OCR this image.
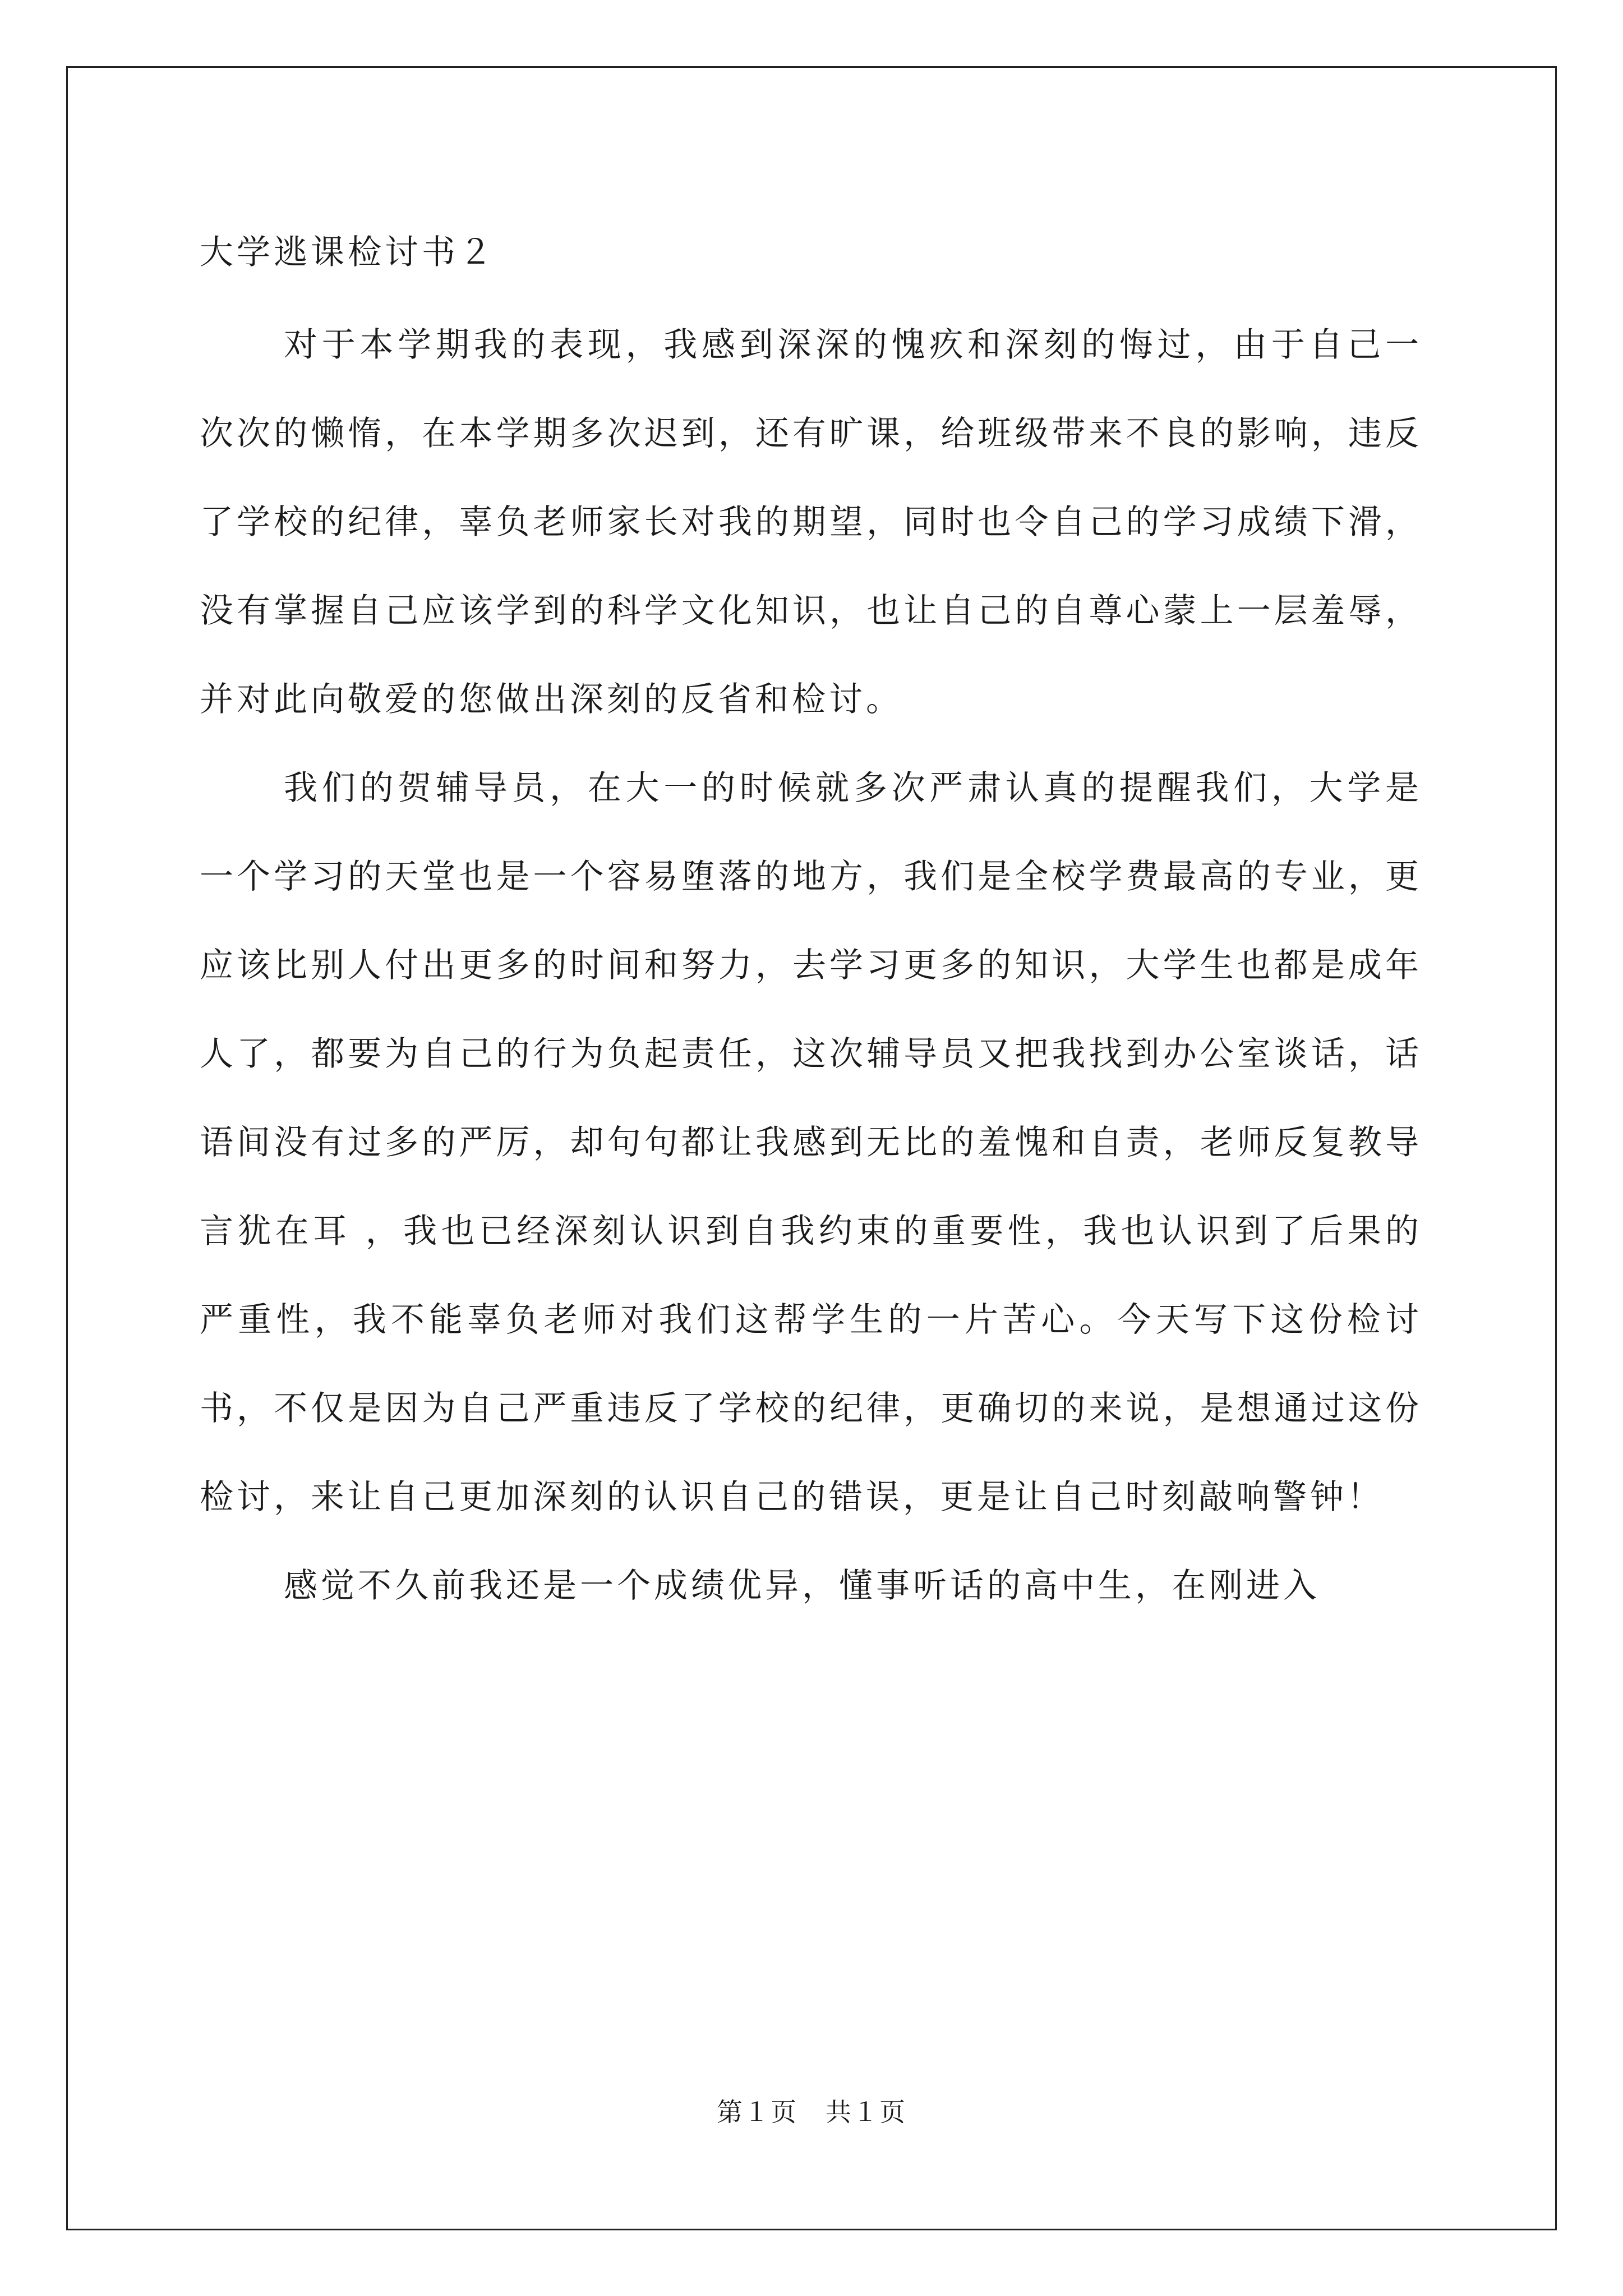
大学逃课检讨书２

对于本学期我的表现，我感到深深的愧疚和深刻的悔过，由于自己一次次的懒惰，在本学期多次迟到，还有旷课，给班级带来不良的影响，违反了学校的纪律，辜负老师家长对我的期望，同时也令自己的学习成绩下滑，没有掌握自己应该学到的科学文化知识，也让自己的自尊心蒙上一层羞辱，并对此向敬爱的您做出深刻的反省和检讨。

我们的贺辅导员，在大一的时候就多次严肃认真的提醒我们，大学是一个学习的天堂也是一个容易堕落的地方，我们是全校学费最高的专业，更应该比别人付出更多的时间和努力，去学习更多的知识，大学生也都是成年人了，都要为自己的行为负起责任，这次辅导员又把我找到办公室谈话，话语间没有过多的严厉，却句句都让我感到无比的羞愧和自责，老师反复教导言犹在耳 ，我也已经深刻认识到自我约束的重要性，我也认识到了后果的严重性，我不能辜负老师对我们这帮学生的一片苦心。今天写下这份检讨书，不仅是因为自己严重违反了学校的纪律，更确切的来说，是想通过这份检讨，来让自己更加深刻的认识自己的错误，更是让自己时刻敲响警钟！

感觉不久前我还是一个成绩优异，懂事听话的高中生，在刚进入

第１页 共１页
